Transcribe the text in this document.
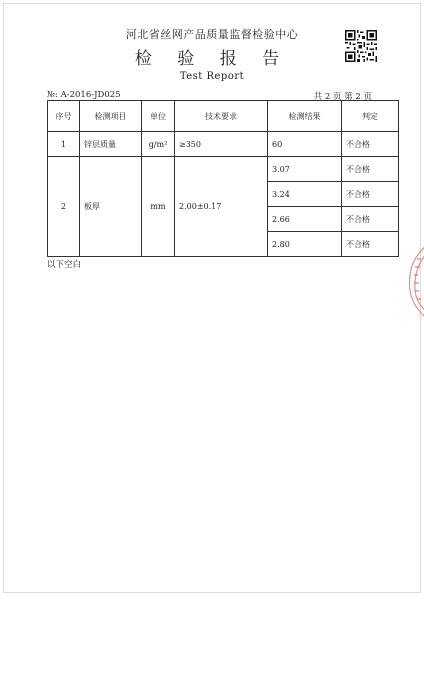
河北省丝网产品质量监督检验中心
检 验 报 告
Test Report
№: A-2016-JD025	共 2 页 第 2 页
序号	检测项目	单位	技术要求	检测结果	判定
1	锌层质量	g/m²	≥350	60	不合格
2	板厚	mm	2.00±0.17	3.07	不合格
				3.24	不合格
				2.66	不合格
				2.80	不合格
以下空白
